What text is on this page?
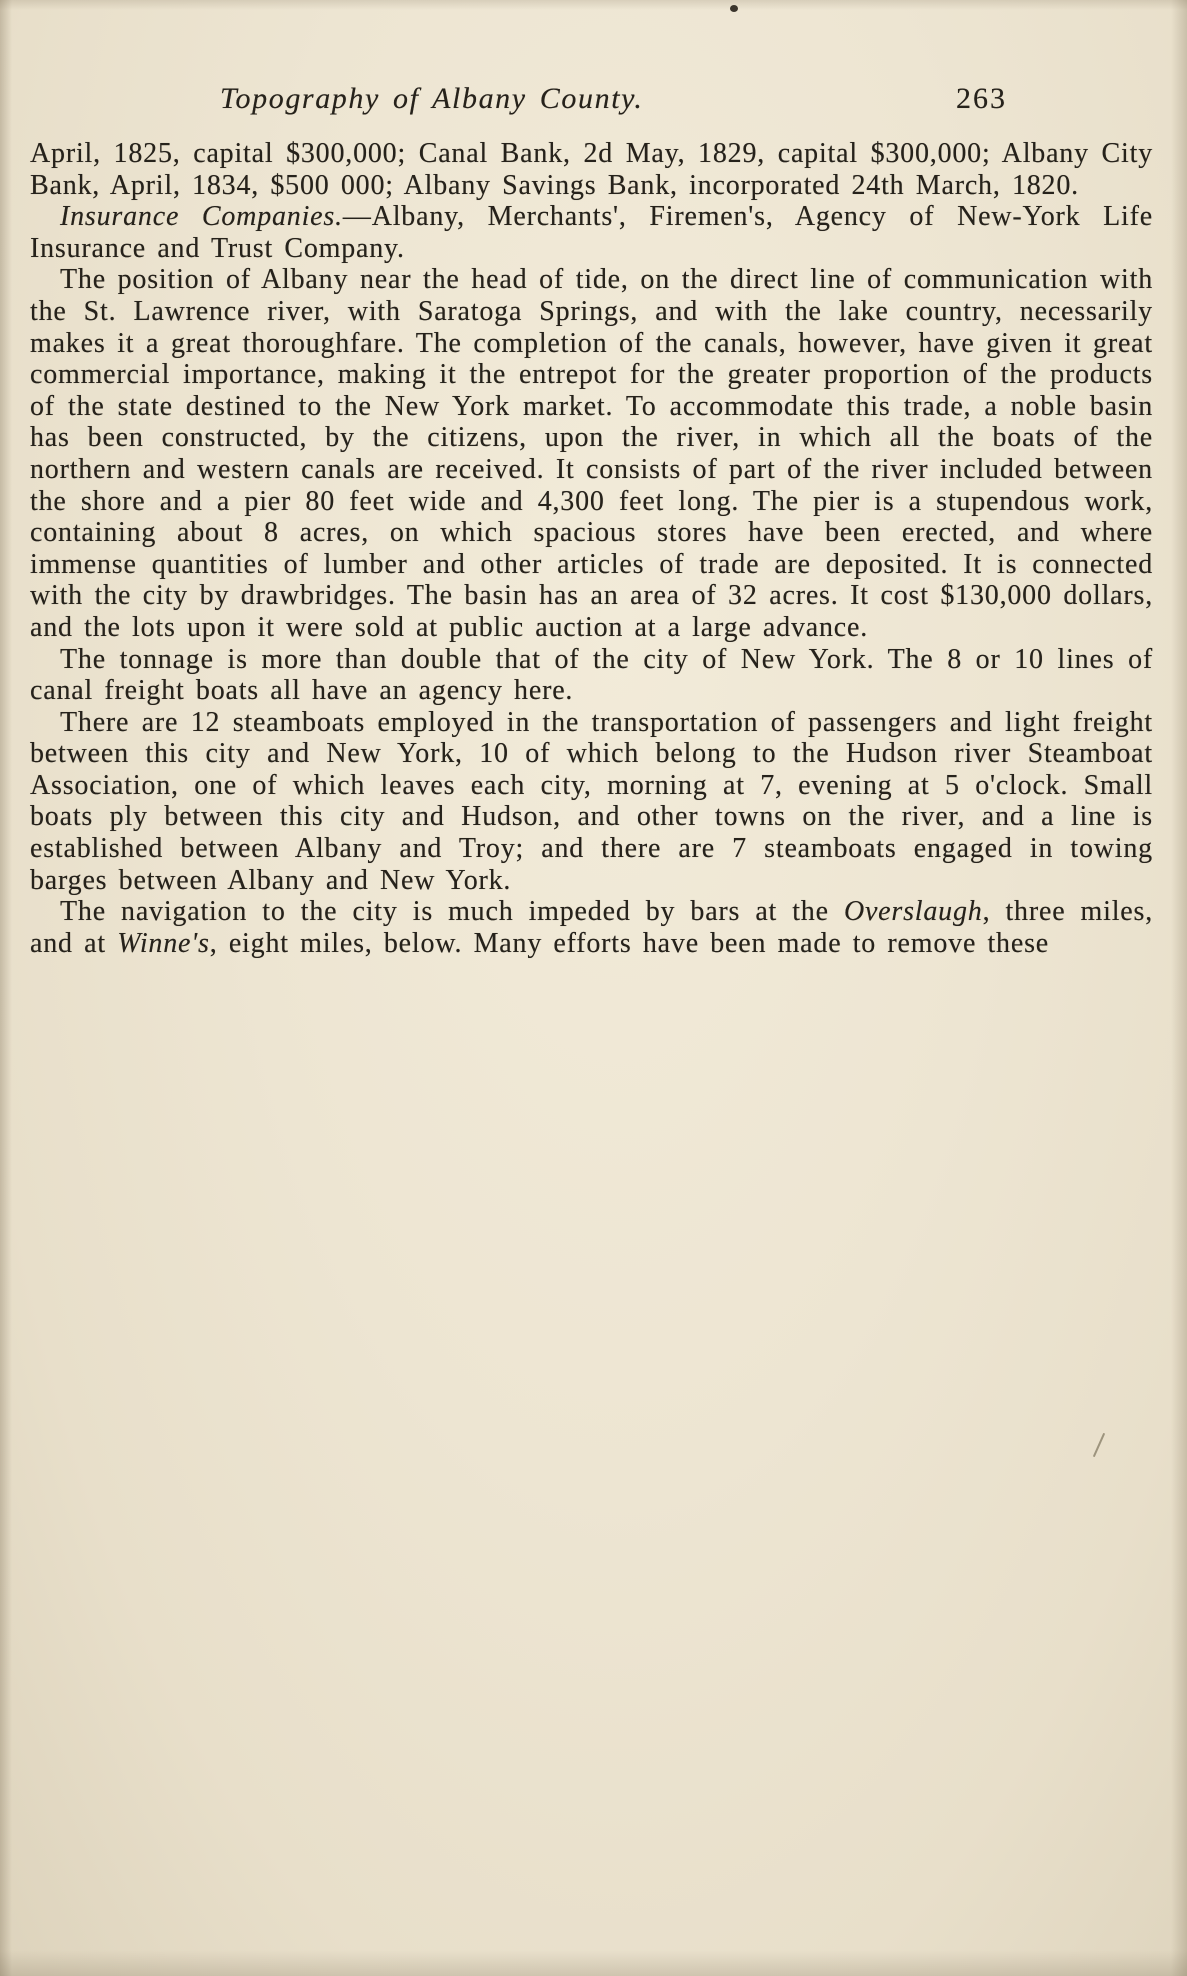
Topography of Albany County.	263

April, 1825, capital $300,000; Canal Bank, 2d May, 1829, capital $300,000; Albany City Bank, April, 1834, $500 000; Albany Savings Bank, incorporated 24th March, 1820.

Insurance Companies.—Albany, Merchants', Firemen's, Agency of New-York Life Insurance and Trust Company.

The position of Albany near the head of tide, on the direct line of communication with the St. Lawrence river, with Saratoga Springs, and with the lake country, necessarily makes it a great thoroughfare. The completion of the canals, however, have given it great commercial importance, making it the entrepot for the greater proportion of the products of the state destined to the New York market. To accommodate this trade, a noble basin has been constructed, by the citizens, upon the river, in which all the boats of the northern and western canals are received. It consists of part of the river included between the shore and a pier 80 feet wide and 4,300 feet long. The pier is a stupendous work, containing about 8 acres, on which spacious stores have been erected, and where immense quantities of lumber and other articles of trade are deposited. It is connected with the city by drawbridges. The basin has an area of 32 acres. It cost $130,000 dollars, and the lots upon it were sold at public auction at a large advance.

The tonnage is more than double that of the city of New York. The 8 or 10 lines of canal freight boats all have an agency here.

There are 12 steamboats employed in the transportation of passengers and light freight between this city and New York, 10 of which belong to the Hudson river Steamboat Association, one of which leaves each city, morning at 7, evening at 5 o'clock. Small boats ply between this city and Hudson, and other towns on the river, and a line is established between Albany and Troy; and there are 7 steamboats engaged in towing barges between Albany and New York.

The navigation to the city is much impeded by bars at the Overslaugh, three miles, and at Winne's, eight miles, below. Many efforts have been made to remove these
